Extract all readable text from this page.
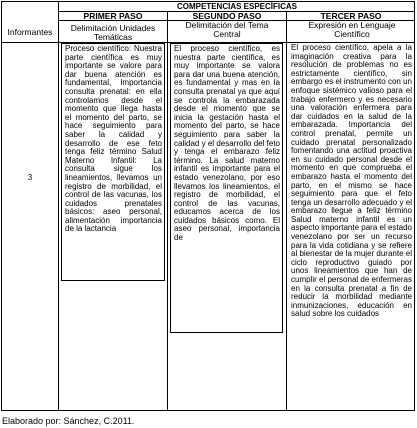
COMPETENCIAS ESPECÍFICAS
Informantes
PRIMER PASO	SEGUNDO PASO	TERCER PASO
Delimitación Unidades Temáticas
Delimitación del Tema Central
Expresión en Lenguaje Científico
3
Proceso científico: Nuestra parte científica es muy importante se valore para dar buena atención es fundamental, Importancia consulta prenatal: en ella controlamos desde el momento que llega hasta el momento del parto, se hace seguimiento para saber la calidad y desarrollo de ese feto tenga feliz término Salud Materno Infantil: La consulta sigue los lineamientos, llevamos un registro de morbilidad, el control de las vacunas, los cuidados prenatales básicos: aseo personal, alimentación importancia de la lactancia
El proceso científico, es nuestra parte científica, es muy importante se valora para dar una buena atención, es fundamental y mas en la consulta prenatal ya que aquí se controla la embarazada desde el momento que se inicia la gestación hasta el momento del parto, se hace seguimiento para saber la calidad y el desarrollo del feto y tenga el embarazo feliz término. La salud materno infantil es importante para el estado venezolano, por eso llevamos los lineamientos, el registro de morbilidad, el control de las vacunas, educamos acerca de los cuidados básicos como. El aseo personal, importancia de
El proceso científico, apela a la imaginación creativa para la resolución de problemas no es estrictamente científico, sin embargo es el instrumento con un enfoque sistémico valioso para el trabajo enfermero y es necesario una valoración enfermera para dar cuidados en la salud de la embarazada. Importancia del control prenatal, permite un cuidado prenatal personalizado fomentando una actitud proactiva en su cuidado personal desde el momento en que comprueba el embarazo hasta el momento del parto, en el mismo se hace seguimiento para que el feto tenga un desarrollo adecuado y el embarazo llegue a feliz término Salud materno infantil es un aspecto importante para el estado venezolano por ser un recurso para la vida cotidiana y se refiere al bienestar de la mujer durante el ciclo reproductivo guiado por unos lineamientos que han de cumplir el personal de enfermeras en la consulta prenatal a fin de reducir la morbilidad mediante inmunizaciones, educación en salud sobre los cuidados
Elaborado por: Sánchez, C.2011.
